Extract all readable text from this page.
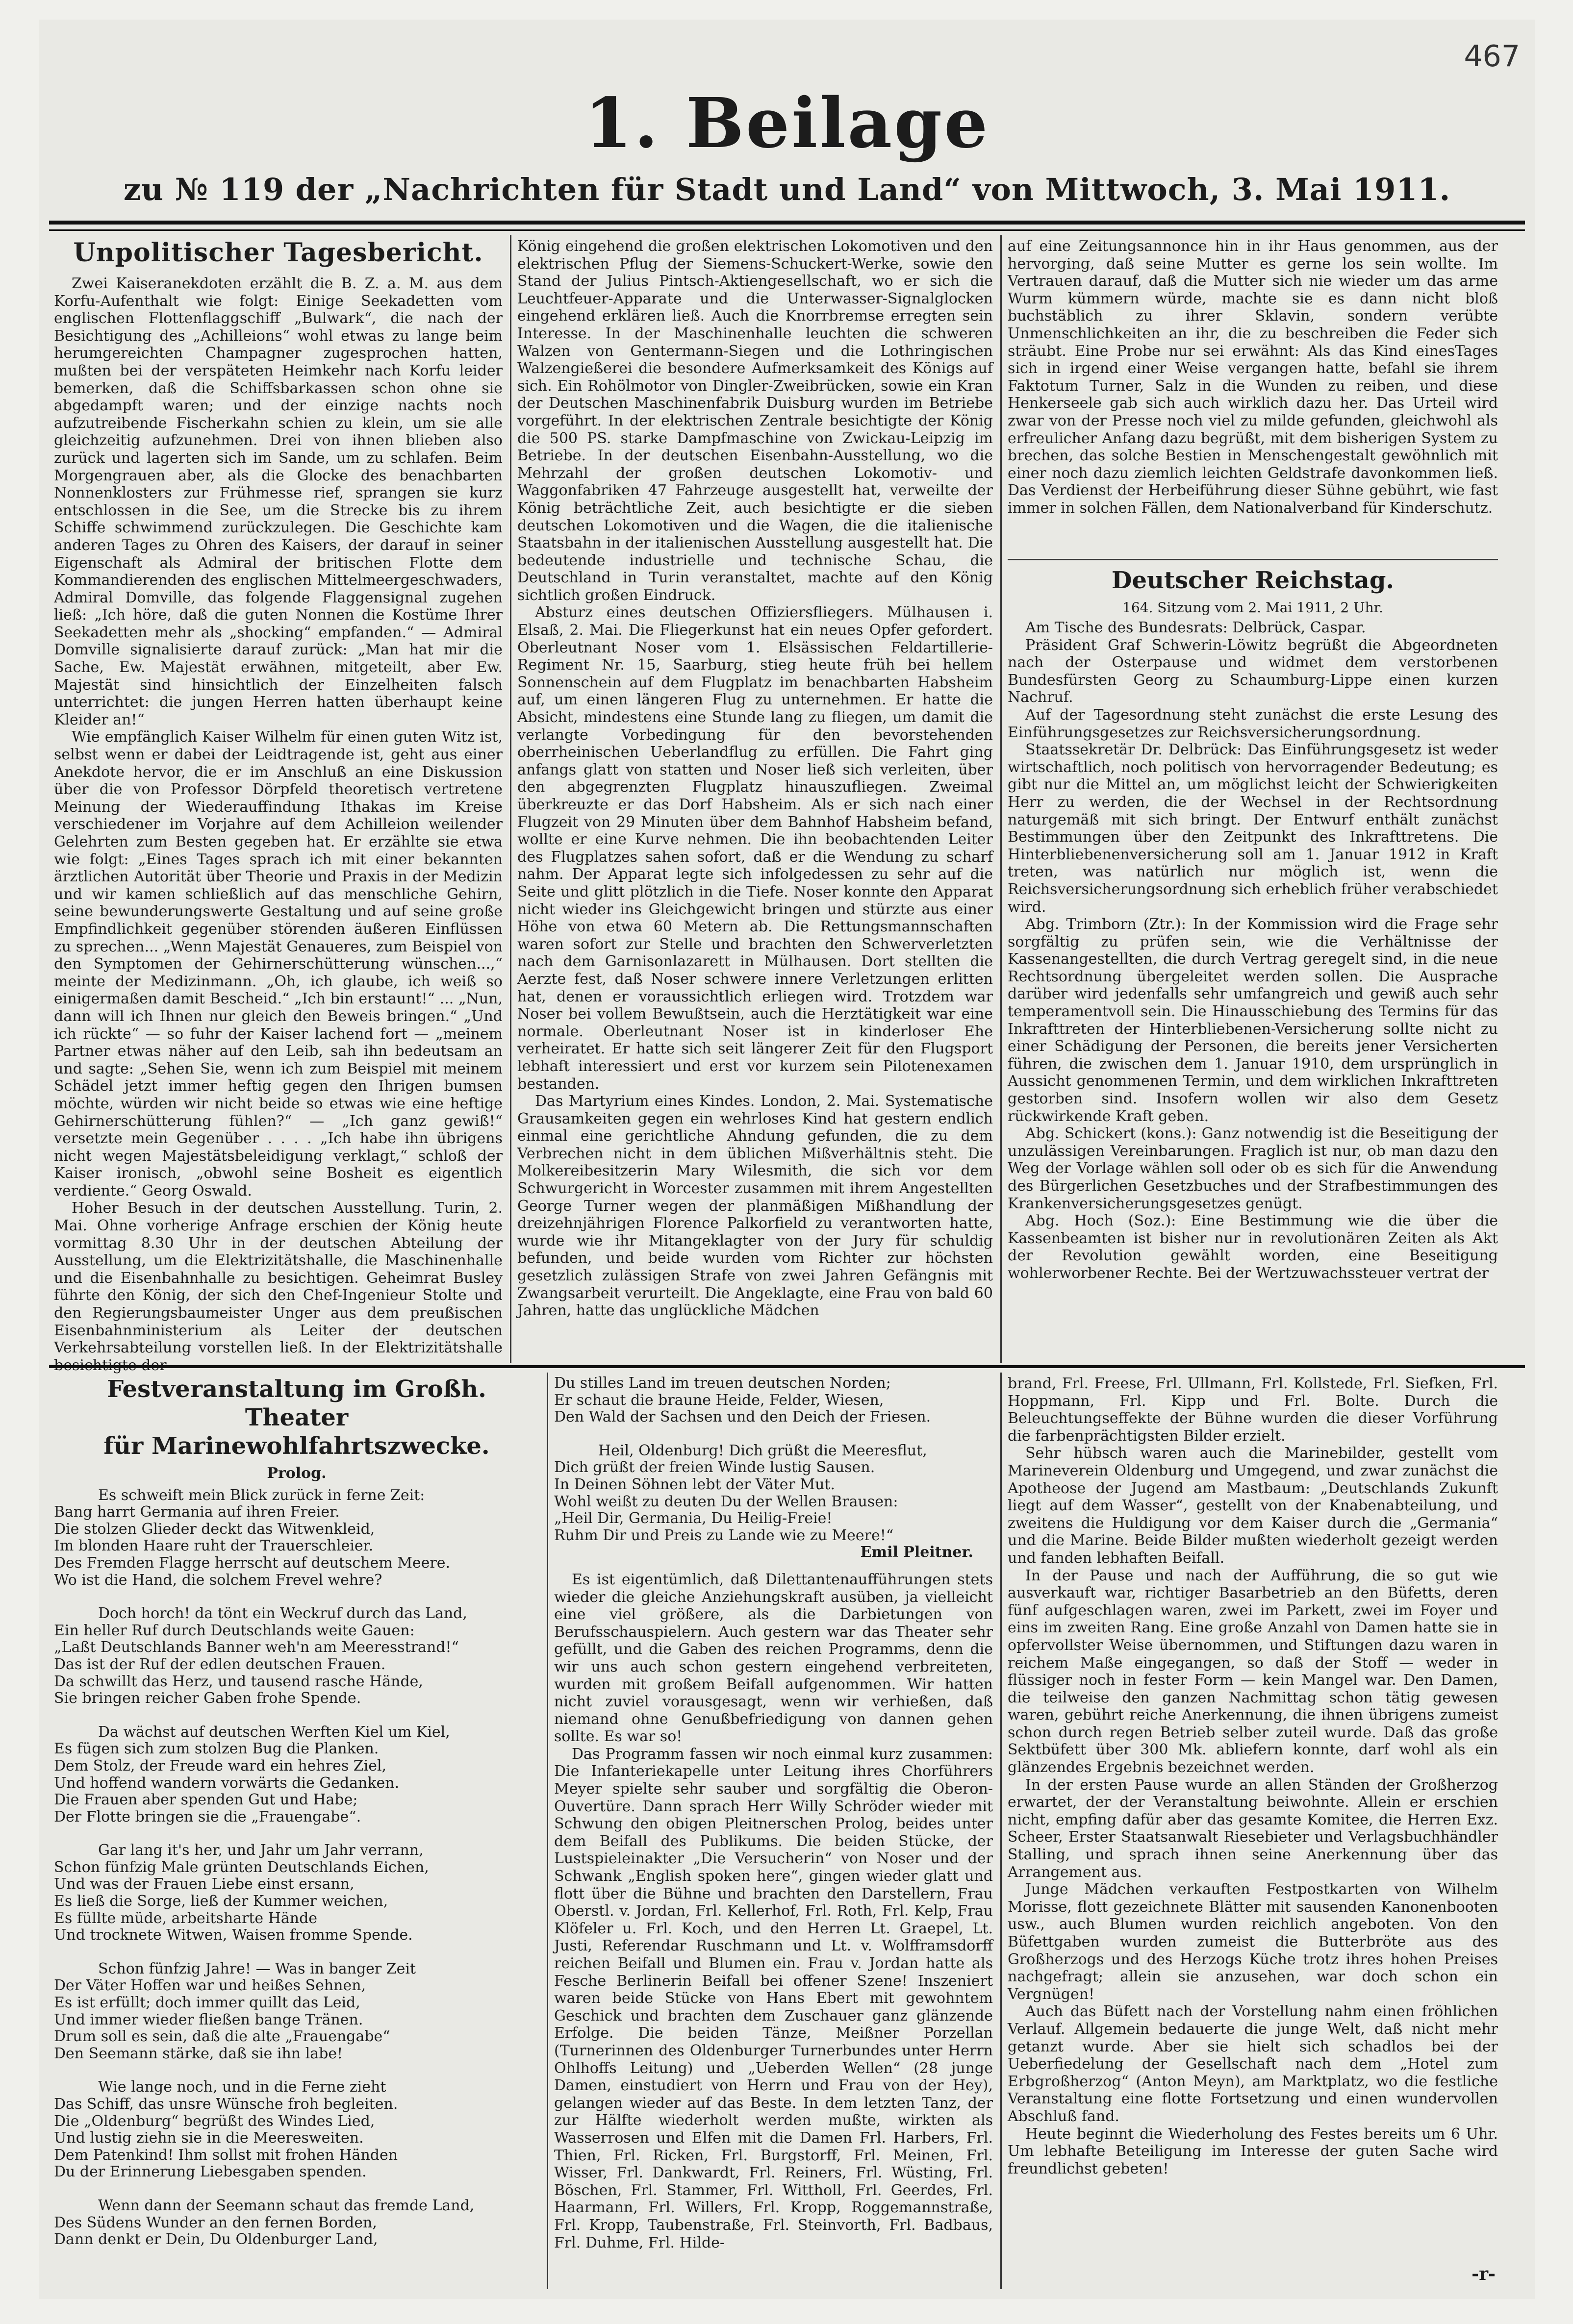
467
1. Beilage
zu № 119 der „Nachrichten für Stadt und Land“ von Mittwoch, 3. Mai 1911.
Unpolitischer Tagesbericht.

Zwei Kaiseranekdoten erzählt die B. Z. a. M. aus dem Korfu-Aufenthalt wie folgt: Einige Seekadetten vom englischen Flottenflaggschiff „Bulwark“, die nach der Besichtigung des „Achilleions“ wohl etwas zu lange beim herumgereichten Champagner zugesprochen hatten, mußten bei der verspäteten Heimkehr nach Korfu leider bemerken, daß die Schiffsbarkassen schon ohne sie abgedampft waren; und der einzige nachts noch aufzutreibende Fischerkahn schien zu klein, um sie alle gleichzeitig aufzunehmen. Drei von ihnen blieben also zurück und lagerten sich im Sande, um zu schlafen. Beim Morgengrauen aber, als die Glocke des benachbarten Nonnenklosters zur Frühmesse rief, sprangen sie kurz entschlossen in die See, um die Strecke bis zu ihrem Schiffe schwimmend zurückzulegen. Die Geschichte kam anderen Tages zu Ohren des Kaisers, der darauf in seiner Eigenschaft als Admiral der britischen Flotte dem Kommandierenden des englischen Mittelmeergeschwaders, Admiral Domville, das folgende Flaggensignal zugehen ließ: „Ich höre, daß die guten Nonnen die Kostüme Ihrer Seekadetten mehr als „shocking“ empfanden.“ — Admiral Domville signalisierte darauf zurück: „Man hat mir die Sache, Ew. Majestät erwähnen, mitgeteilt, aber Ew. Majestät sind hinsichtlich der Einzelheiten falsch unterrichtet: die jungen Herren hatten überhaupt keine Kleider an!“

Wie empfänglich Kaiser Wilhelm für einen guten Witz ist, selbst wenn er dabei der Leidtragende ist, geht aus einer Anekdote hervor, die er im Anschluß an eine Diskussion über die von Professor Dörpfeld theoretisch vertretene Meinung der Wiederauffindung Ithakas im Kreise verschiedener im Vorjahre auf dem Achilleion weilender Gelehrten zum Besten gegeben hat. Er erzählte sie etwa wie folgt: „Eines Tages sprach ich mit einer bekannten ärztlichen Autorität über Theorie und Praxis in der Medizin und wir kamen schließlich auf das menschliche Gehirn, seine bewunderungswerte Gestaltung und auf seine große Empfindlichkeit gegenüber störenden äußeren Einflüssen zu sprechen... „Wenn Majestät Genaueres, zum Beispiel von den Symptomen der Gehirnerschütterung wünschen...,“ meinte der Medizinmann. „Oh, ich glaube, ich weiß so einigermaßen damit Bescheid.“ „Ich bin erstaunt!“ ... „Nun, dann will ich Ihnen nur gleich den Beweis bringen.“ „Und ich rückte“ — so fuhr der Kaiser lachend fort — „meinem Partner etwas näher auf den Leib, sah ihn bedeutsam an und sagte: „Sehen Sie, wenn ich zum Beispiel mit meinem Schädel jetzt immer heftig gegen den Ihrigen bumsen möchte, würden wir nicht beide so etwas wie eine heftige Gehirnerschütterung fühlen?“ — „Ich ganz gewiß!“ versetzte mein Gegenüber . . . . „Ich habe ihn übrigens nicht wegen Majestätsbeleidigung verklagt,“ schloß der Kaiser ironisch, „obwohl seine Bosheit es eigentlich verdiente.“ Georg Oswald.

Hoher Besuch in der deutschen Ausstellung. Turin, 2. Mai. Ohne vorherige Anfrage erschien der König heute vormittag 8.30 Uhr in der deutschen Abteilung der Ausstellung, um die Elektrizitätshalle, die Maschinenhalle und die Eisenbahnhalle zu besichtigen. Geheimrat Busley führte den König, der sich den Chef-Ingenieur Stolte und den Regierungsbaumeister Unger aus dem preußischen Eisenbahnministerium als Leiter der deutschen Verkehrsabteilung vorstellen ließ. In der Elektrizitätshalle

König eingehend die großen elektrischen Lokomotiven und den elektrischen Pflug der Siemens-Schuckert-Werke, sowie den Stand der Julius Pintsch-Aktiengesellschaft, wo er sich die Leuchtfeuer-Apparate und die Unterwasser-Signalglocken eingehend erklären ließ. Auch die Knorrbremse erregten sein Interesse. In der Maschinenhalle leuchten die schweren Walzen von Gentermann-Siegen und die Lothringischen Walzengießerei die besondere Aufmerksamkeit des Königs auf sich. Ein Rohölmotor von Dingler-Zweibrücken, sowie ein Kran der Deutschen Maschinenfabrik Duisburg wurden im Betriebe vorgeführt. In der elektrischen Zentrale besichtigte der König die 500 PS. starke Dampfmaschine von Zwickau-Leipzig im Betriebe. In der deutschen Eisenbahn-Ausstellung, wo die Mehrzahl der großen deutschen Lokomotiv- und Waggonfabriken 47 Fahrzeuge ausgestellt hat, verweilte der König beträchtliche Zeit, auch besichtigte er die sieben deutschen Lokomotiven und die Wagen, die die italienische Staatsbahn in der italienischen Ausstellung ausgestellt hat. Die bedeutende industrielle und technische Schau, die Deutschland in Turin veranstaltet, machte auf den König sichtlich großen Eindruck.

Absturz eines deutschen Offiziersfliegers. Mülhausen i. Elsaß, 2. Mai. Die Fliegerkunst hat ein neues Opfer gefordert. Oberleutnant Noser vom 1. Elsässischen Feldartillerie-Regiment Nr. 15, Saarburg, stieg heute früh bei hellem Sonnenschein auf dem Flugplatz im benachbarten Habsheim auf, um einen längeren Flug zu unternehmen. Er hatte die Absicht, mindestens eine Stunde lang zu fliegen, um damit die verlangte Vorbedingung für den bevorstehenden oberrheinischen Ueberlandflug zu erfüllen. Die Fahrt ging anfangs glatt von statten und Noser ließ sich verleiten, über den abgegrenzten Flugplatz hinauszufliegen. Zweimal überkreuzte er das Dorf Habsheim. Als er sich nach einer Flugzeit von 29 Minuten über dem Bahnhof Habsheim befand, wollte er eine Kurve nehmen. Die ihn beobachtenden Leiter des Flugplatzes sahen sofort, daß er die Wendung zu scharf nahm. Der Apparat legte sich infolgedessen zu sehr auf die Seite und glitt plötzlich in die Tiefe. Noser konnte den Apparat nicht wieder ins Gleichgewicht bringen und stürzte aus einer Höhe von etwa 60 Metern ab. Die Rettungsmannschaften waren sofort zur Stelle und brachten den Schwerverletzten nach dem Garnisonlazarett in Mülhausen. Dort stellten die Aerzte fest, daß Noser schwere innere Verletzungen erlitten hat, denen er voraussichtlich erliegen wird. Trotzdem war Noser bei vollem Bewußtsein, auch die Herztätigkeit war eine normale. Oberleutnant Noser ist in kinderloser Ehe verheiratet. Er hatte sich seit längerer Zeit für den Flugsport lebhaft interessiert und erst vor kurzem sein Pilotenexamen bestanden.

Das Martyrium eines Kindes. London, 2. Mai. Systematische Grausamkeiten gegen ein wehrloses Kind hat gestern endlich einmal eine gerichtliche Ahndung gefunden, die zu dem Verbrechen nicht in dem üblichen Mißverhältnis steht. Die Molkereibesitzerin Mary Wilesmith, die sich vor dem Schwurgericht in Worcester zusammen mit ihrem Angestellten George Turner wegen der planmäßigen Mißhandlung der dreizehnjährigen Florence Palkorfield zu verantworten hatte, wurde wie ihr Mitangeklagter von der Jury für schuldig befunden, und beide wurden vom Richter zur höchsten gesetzlich zulässigen Strafe von zwei Jahren Gefängnis mit Zwangsarbeit verurteilt. Die Angeklagte, eine Frau von bald 60 Jahren, hatte das unglückliche Mädchen

auf eine Zeitungsannonce hin in ihr Haus genommen, aus der hervorging, daß seine Mutter es gerne los sein wollte. Im Vertrauen darauf, daß die Mutter sich nie wieder um das arme Wurm kümmern würde, machte sie es dann nicht bloß buchstäblich zu ihrer Sklavin, sondern verübte Unmenschlichkeiten an ihr, die zu beschreiben die Feder sich sträubt. Eine Probe nur sei erwähnt: Als das Kind einesTages sich in irgend einer Weise vergangen hatte, befahl sie ihrem Faktotum Turner, Salz in die Wunden zu reiben, und diese Henkerseele gab sich auch wirklich dazu her. Das Urteil wird zwar von der Presse noch viel zu milde gefunden, gleichwohl als erfreulicher Anfang dazu begrüßt, mit dem bisherigen System zu brechen, das solche Bestien in Menschengestalt gewöhnlich mit einer noch dazu ziemlich leichten Geldstrafe davonkommen ließ. Das Verdienst der Herbeiführung dieser Sühne gebührt, wie fast immer in solchen Fällen, dem Nationalverband für Kinderschutz.

Deutscher Reichstag.
164. Sitzung vom 2. Mai 1911, 2 Uhr.

Am Tische des Bundesrats: Delbrück, Caspar.

Präsident Graf Schwerin-Löwitz begrüßt die Abgeordneten nach der Osterpause und widmet dem verstorbenen Bundesfürsten Georg zu Schaumburg-Lippe einen kurzen Nachruf.

Auf der Tagesordnung steht zunächst die erste Lesung des Einführungsgesetzes zur Reichsversicherungsordnung.

Staatssekretär Dr. Delbrück: Das Einführungsgesetz ist weder wirtschaftlich, noch politisch von hervorragender Bedeutung; es gibt nur die Mittel an, um möglichst leicht der Schwierigkeiten Herr zu werden, die der Wechsel in der Rechtsordnung naturgemäß mit sich bringt. Der Entwurf enthält zunächst Bestimmungen über den Zeitpunkt des Inkrafttretens. Die Hinterbliebenenversicherung soll am 1. Januar 1912 in Kraft treten, was natürlich nur möglich ist, wenn die Reichsversicherungsordnung sich erheblich früher verabschiedet wird.

Abg. Trimborn (Ztr.): In der Kommission wird die Frage sehr sorgfältig zu prüfen sein, wie die Verhältnisse der Kassenangestellten, die durch Vertrag geregelt sind, in die neue Rechtsordnung übergeleitet werden sollen. Die Ausprache darüber wird jedenfalls sehr umfangreich und gewiß auch sehr temperamentvoll sein. Die Hinausschiebung des Termins für das Inkrafttreten der Hinterbliebenen-Versicherung sollte nicht zu einer Schädigung der Personen, die bereits jener Versicherten führen, die zwischen dem 1. Januar 1910, dem ursprünglich in Aussicht genommenen Termin, und dem wirklichen Inkrafttreten gestorben sind. Insofern wollen wir also dem Gesetz rückwirkende Kraft geben.

Abg. Schickert (kons.): Ganz notwendig ist die Beseitigung der unzulässigen Vereinbarungen. Fraglich ist nur, ob man dazu den Weg der Vorlage wählen soll oder ob es sich für die Anwendung des Bürgerlichen Gesetzbuches und der Strafbestimmungen des Krankenversicherungsgesetzes genügt.

Abg. Hoch (Soz.): Eine Bestimmung wie die über die Kassenbeamten ist bisher nur in revolutionären Zeiten als Akt der Revolution gewählt worden, eine Beseitigung wohlerworbener Rechte. Bei der Wertzuwachssteuer vertrat der

Festveranstaltung im Großh. Theater
für Marinewohlfahrtszwecke.
Prolog.
Es schweift mein Blick zurück in ferne Zeit:
Bang harrt Germania auf ihren Freier.
Die stolzen Glieder deckt das Witwenkleid,
Im blonden Haare ruht der Trauerschleier.
Des Fremden Flagge herrscht auf deutschem Meere.
Wo ist die Hand, die solchem Frevel wehre?
Doch horch! da tönt ein Weckruf durch das Land,
Ein heller Ruf durch Deutschlands weite Gauen:
„Laßt Deutschlands Banner weh'n am Meeresstrand!“
Das ist der Ruf der edlen deutschen Frauen.
Da schwillt das Herz, und tausend rasche Hände,
Sie bringen reicher Gaben frohe Spende.
Da wächst auf deutschen Werften Kiel um Kiel,
Es fügen sich zum stolzen Bug die Planken.
Dem Stolz, der Freude ward ein hehres Ziel,
Und hoffend wandern vorwärts die Gedanken.
Die Frauen aber spenden Gut und Habe;
Der Flotte bringen sie die „Frauengabe“.
Gar lang it's her, und Jahr um Jahr verrann,
Schon fünfzig Male grünten Deutschlands Eichen,
Und was der Frauen Liebe einst ersann,
Es ließ die Sorge, ließ der Kummer weichen,
Es füllte müde, arbeitsharte Hände
Und trocknete Witwen, Waisen fromme Spende.
Schon fünfzig Jahre! — Was in banger Zeit
Der Väter Hoffen war und heißes Sehnen,
Es ist erfüllt; doch immer quillt das Leid,
Und immer wieder fließen bange Tränen.
Drum soll es sein, daß die alte „Frauengabe“
Den Seemann stärke, daß sie ihn labe!
Wie lange noch, und in die Ferne zieht
Das Schiff, das unsre Wünsche froh begleiten.
Die „Oldenburg“ begrüßt des Windes Lied,
Und lustig ziehn sie in die Meeresweiten.
Dem Patenkind! Ihm sollst mit frohen Händen
Du der Erinnerung Liebesgaben spenden.
Wenn dann der Seemann schaut das fremde Land,
Des Südens Wunder an den fernen Borden,
Dann denkt er Dein, Du Oldenburger Land,
Du stilles Land im treuen deutschen Norden;
Er schaut die braune Heide, Felder, Wiesen,
Den Wald der Sachsen und den Deich der Friesen.
Heil, Oldenburg! Dich grüßt die Meeresflut,
Dich grüßt der freien Winde lustig Sausen.
In Deinen Söhnen lebt der Väter Mut.
Wohl weißt zu deuten Du der Wellen Brausen:
„Heil Dir, Germania, Du Heilig-Freie!
Ruhm Dir und Preis zu Lande wie zu Meere!“
Emil Pleitner.

Es ist eigentümlich, daß Dilettantenaufführungen stets wieder die gleiche Anziehungskraft ausüben, ja vielleicht eine viel größere, als die Darbietungen von Berufsschauspielern. Auch gestern war das Theater sehr gefüllt, und die Gaben des reichen Programms, denn die wir uns auch schon gestern eingehend verbreiteten, wurden mit großem Beifall aufgenommen. Wir hatten nicht zuviel vorausgesagt, wenn wir verhießen, daß niemand ohne Genußbefriedigung von dannen gehen sollte. Es war so!

Das Programm fassen wir noch einmal kurz zusammen: Die Infanteriekapelle unter Leitung ihres Chorführers Meyer spielte sehr sauber und sorgfältig die Oberon-Ouvertüre. Dann sprach Herr Willy Schröder wieder mit Schwung den obigen Pleitnerschen Prolog, beides unter dem Beifall des Publikums. Die beiden Stücke, der Lustspieleinakter „Die Versucherin“ von Noser und der Schwank „English spoken here“, gingen wieder glatt und flott über die Bühne und brachten den Darstellern, Frau Oberstl. v. Jordan, Frl. Kellerhof, Frl. Roth, Frl. Kelp, Frau Klöfeler u. Frl. Koch, und den Herren Lt. Graepel, Lt. Justi, Referendar Ruschmann und Lt. v. Wolfframsdorff reichen Beifall und Blumen ein. Frau v. Jordan hatte als Fesche Berlinerin Beifall bei offener Szene! Inszeniert waren beide Stücke von Hans Ebert mit gewohntem Geschick und brachten dem Zuschauer ganz glänzende Erfolge. Die beiden Tänze, Meißner Porzellan (Turnerinnen des Oldenburger Turnerbundes unter Herrn Ohlhoffs Leitung) und „Ueberden Wellen“ (28 junge Damen, einstudiert von Herrn und Frau von der Hey), gelangen wieder auf das Beste. In dem letzten Tanz, der zur Hälfte wiederholt werden mußte, wirkten als Wasserrosen und Elfen mit die Damen Frl. Harbers, Frl. Thien, Frl. Ricken, Frl. Burgstorff, Frl. Meinen, Frl. Wisser, Frl. Dankwardt, Frl. Reiners, Frl. Wüsting, Frl. Böschen, Frl. Stammer, Frl. Wittholl, Frl. Geerdes, Frl. Haarmann, Frl. Willers, Frl. Kropp, Roggemannstraße, Frl. Kropp, Taubenstraße, Frl. Steinvorth, Frl. Badbaus, Frl. Duhme, Frl. Hilde-

brand, Frl. Freese, Frl. Ullmann, Frl. Kollstede, Frl. Siefken, Frl. Hoppmann, Frl. Kipp und Frl. Bolte. Durch die Beleuchtungseffekte der Bühne wurden die dieser Vorführung die farbenprächtigsten Bilder erzielt.

Sehr hübsch waren auch die Marinebilder, gestellt vom Marineverein Oldenburg und Umgegend, und zwar zunächst die Apotheose der Jugend am Mastbaum: „Deutschlands Zukunft liegt auf dem Wasser“, gestellt von der Knabenabteilung, und zweitens die Huldigung vor dem Kaiser durch die „Germania“ und die Marine. Beide Bilder mußten wiederholt gezeigt werden und fanden lebhaften Beifall.

In der Pause und nach der Aufführung, die so gut wie ausverkauft war, richtiger Basarbetrieb an den Büfetts, deren fünf aufgeschlagen waren, zwei im Parkett, zwei im Foyer und eins im zweiten Rang. Eine große Anzahl von Damen hatte sie in opfervollster Weise übernommen, und Stiftungen dazu waren in reichem Maße eingegangen, so daß der Stoff — weder in flüssiger noch in fester Form — kein Mangel war. Den Damen, die teilweise den ganzen Nachmittag schon tätig gewesen waren, gebührt reiche Anerkennung, die ihnen übrigens zumeist schon durch regen Betrieb selber zuteil wurde. Daß das große Sektbüfett über 300 Mk. abliefern konnte, darf wohl als ein glänzendes Ergebnis bezeichnet werden.

In der ersten Pause wurde an allen Ständen der Großherzog erwartet, der der Veranstaltung beiwohnte. Allein er erschien nicht, empfing dafür aber das gesamte Komitee, die Herren Exz. Scheer, Erster Staatsanwalt Riesebieter und Verlagsbuchhändler Stalling, und sprach ihnen seine Anerkennung über das Arrangement aus.

Junge Mädchen verkauften Festpostkarten von Wilhelm Morisse, flott gezeichnete Blätter mit sausenden Kanonenbooten usw., auch Blumen wurden reichlich angeboten. Von den Büfettgaben wurden zumeist die Butterbröte aus des Großherzogs und des Herzogs Küche trotz ihres hohen Preises nachgefragt; allein sie anzusehen, war doch schon ein Vergnügen!

Auch das Büfett nach der Vorstellung nahm einen fröhlichen Verlauf. Allgemein bedauerte die junge Welt, daß nicht mehr getanzt wurde. Aber sie hielt sich schadlos bei der Ueberfiedelung der Gesellschaft nach dem „Hotel zum Erbgroßherzog“ (Anton Meyn), am Marktplatz, wo die festliche Veranstaltung eine flotte Fortsetzung und einen wundervollen Abschluß fand.

Heute beginnt die Wiederholung des Festes bereits um 6 Uhr. Um lebhafte Beteiligung im Interesse der guten Sache wird freundlichst gebeten!

-r-
